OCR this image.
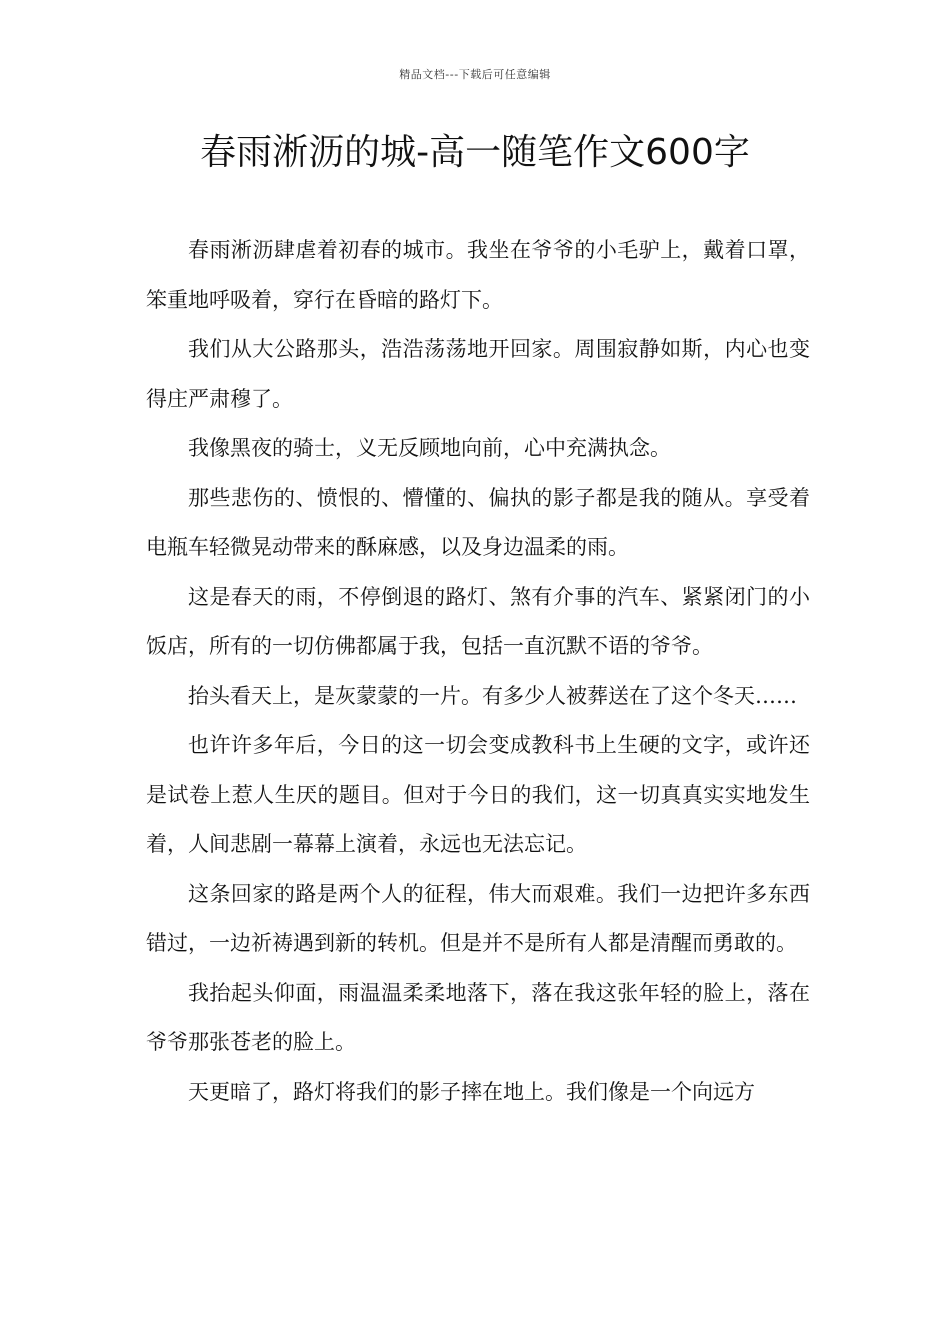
精品文档---下载后可任意编辑
春雨淅沥的城-高一随笔作文600字

春雨淅沥肆虐着初春的城市。我坐在爷爷的小毛驴上，戴着口罩，笨重地呼吸着，穿行在昏暗的路灯下。

我们从大公路那头，浩浩荡荡地开回家。周围寂静如斯，内心也变得庄严肃穆了。

我像黑夜的骑士，义无反顾地向前，心中充满执念。

那些悲伤的、愤恨的、懵懂的、偏执的影子都是我的随从。享受着电瓶车轻微晃动带来的酥麻感，以及身边温柔的雨。

这是春天的雨，不停倒退的路灯、煞有介事的汽车、紧紧闭门的小饭店，所有的一切仿佛都属于我，包括一直沉默不语的爷爷。

抬头看天上，是灰蒙蒙的一片。有多少人被葬送在了这个冬天……

也许许多年后，今日的这一切会变成教科书上生硬的文字，或许还是试卷上惹人生厌的题目。但对于今日的我们，这一切真真实实地发生着，人间悲剧一幕幕上演着，永远也无法忘记。

这条回家的路是两个人的征程，伟大而艰难。我们一边把许多东西错过，一边祈祷遇到新的转机。但是并不是所有人都是清醒而勇敢的。

我抬起头仰面，雨温温柔柔地落下，落在我这张年轻的脸上，落在爷爷那张苍老的脸上。

天更暗了，路灯将我们的影子摔在地上。我们像是一个向远方
